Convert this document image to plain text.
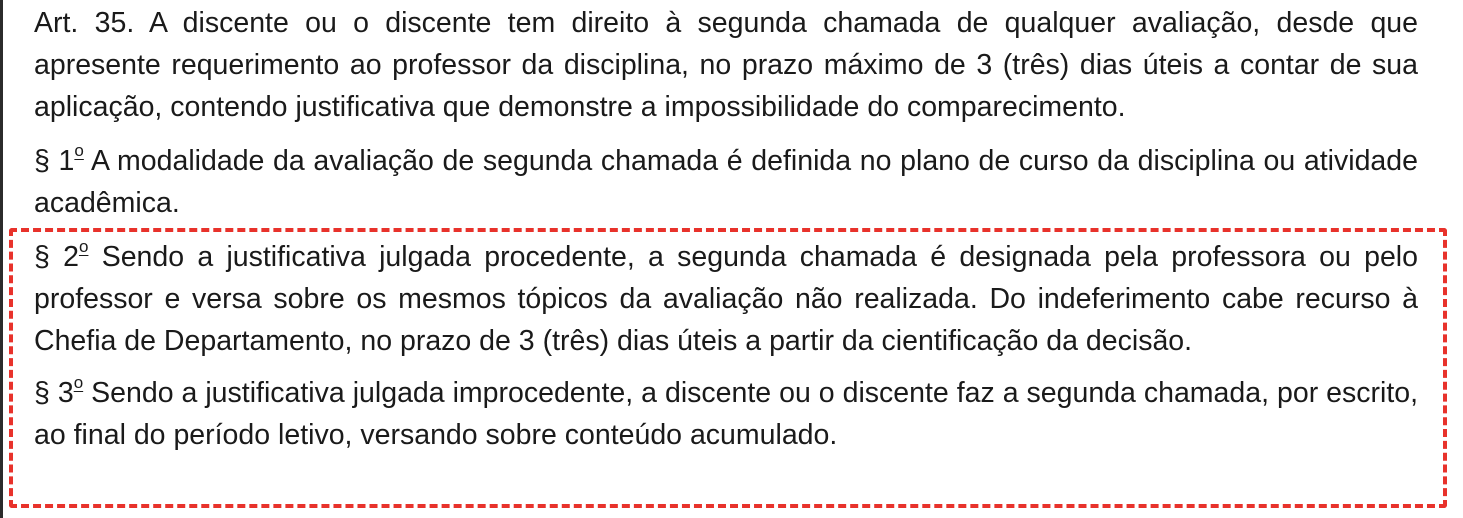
Art. 35. A discente ou o discente tem direito à segunda chamada de qualquer avaliação, desde que apresente requerimento ao professor da disciplina, no prazo máximo de 3 (três) dias úteis a contar de sua aplicação, contendo justificativa que demonstre a impossibilidade do comparecimento.

§ 1$^o$ A modalidade da avaliação de segunda chamada é definida no plano de curso da disciplina ou atividade acadêmica.

§ 2$^o$ Sendo a justificativa julgada procedente, a segunda chamada é designada pela professora ou pelo professor e versa sobre os mesmos tópicos da avaliação não realizada. Do indeferimento cabe recurso à Chefia de Departamento, no prazo de 3 (três) dias úteis a partir da cientificação da decisão.

§ 3$^o$ Sendo a justificativa julgada improcedente, a discente ou o discente faz a segunda chamada, por escrito, ao final do período letivo, versando sobre conteúdo acumulado.
